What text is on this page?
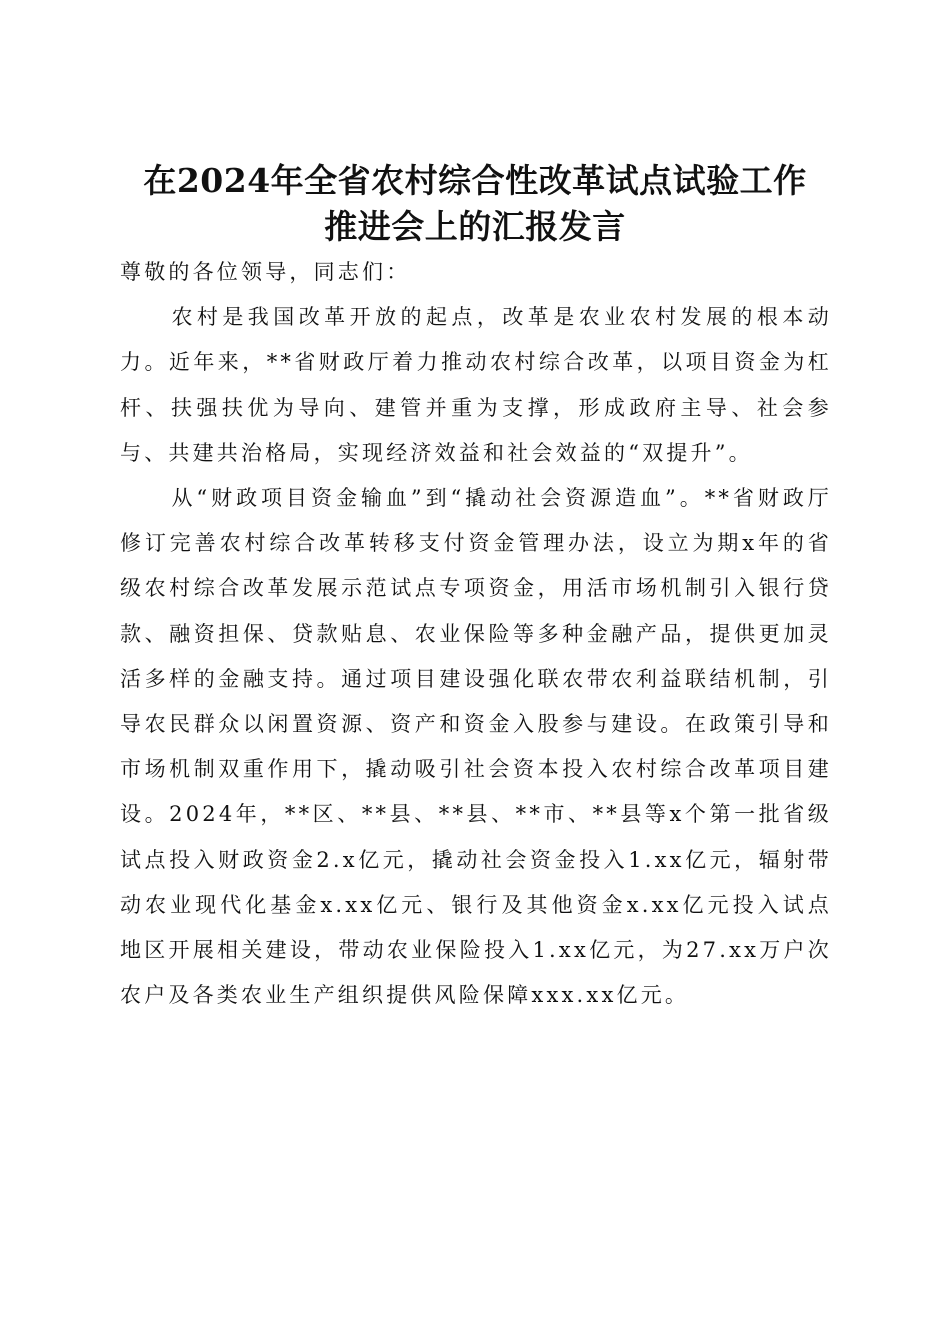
在2024年全省农村综合性改革试点试验工作
推进会上的汇报发言

尊敬的各位领导，同志们：

农村是我国改革开放的起点，改革是农业农村发展的根本动力。近年来，**省财政厅着力推动农村综合改革，以项目资金为杠杆、扶强扶优为导向、建管并重为支撑，形成政府主导、社会参与、共建共治格局，实现经济效益和社会效益的“双提升”。

从“财政项目资金输血”到“撬动社会资源造血”。**省财政厅修订完善农村综合改革转移支付资金管理办法，设立为期x年的省级农村综合改革发展示范试点专项资金，用活市场机制引入银行贷款、融资担保、贷款贴息、农业保险等多种金融产品，提供更加灵活多样的金融支持。通过项目建设强化联农带农利益联结机制，引导农民群众以闲置资源、资产和资金入股参与建设。在政策引导和市场机制双重作用下，撬动吸引社会资本投入农村综合改革项目建设。2024年，**区、**县、**县、**市、**县等x个第一批省级试点投入财政资金2.x亿元，撬动社会资金投入1.xx亿元，辐射带动农业现代化基金x.xx亿元、银行及其他资金x.xx亿元投入试点地区开展相关建设，带动农业保险投入1.xx亿元，为27.xx万户次农户及各类农业生产组织提供风险保障xxx.xx亿元。
